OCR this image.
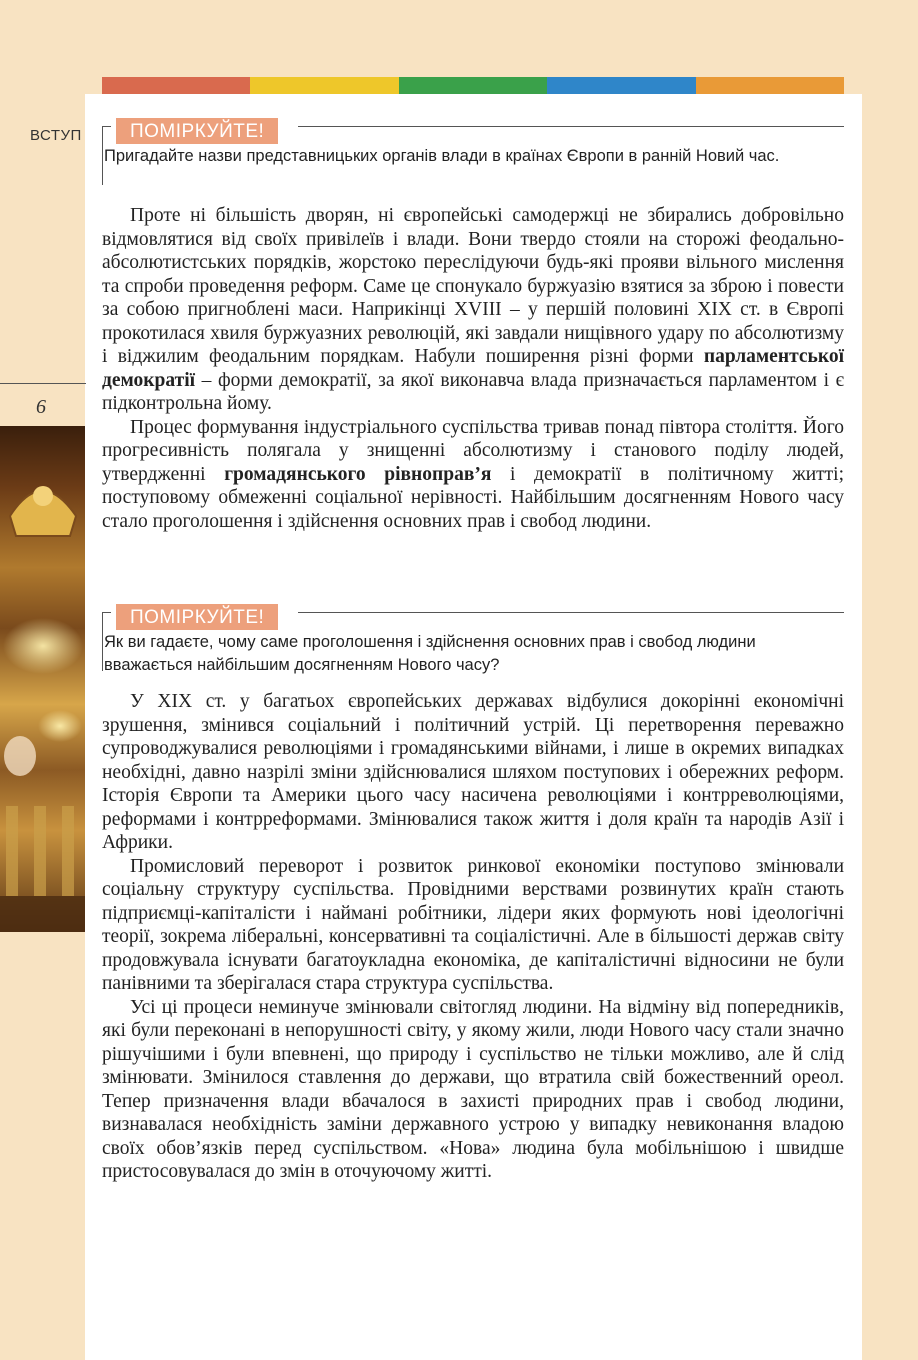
ВСТУП
6
ПОМІРКУЙТЕ!
Пригадайте назви представницьких органів влади в країнах Європи в ранній Новий час.

Проте ні більшість дворян, ні європейські самодержці не збирались добровільно відмовлятися від своїх привілеїв і влади. Вони твердо стояли на сторожі феодально-абсолютистських порядків, жорстоко переслідуючи будь-які прояви вільного мислення та спроби проведення реформ. Саме це спонукало буржуазію взятися за зброю і повести за собою пригноблені маси. Наприкінці XVIII – у першій половині XIX ст. в Європі прокотилася хвиля буржуазних революцій, які завдали нищівного удару по абсолютизму і віджилим феодальним порядкам. Набули поширення різні форми парламентської демократії – форми демократії, за якої виконавча влада призначається парламентом і є підконтрольна йому.

Процес формування індустріального суспільства тривав понад півтора століття. Його прогресивність полягала у знищенні абсолютизму і станового поділу людей, утвердженні громадянського рівноправ’я і демократії в політичному житті; поступовому обмеженні соціальної нерівності. Найбільшим досягненням Нового часу стало проголошення і здійснення основних прав і свобод людини.

ПОМІРКУЙТЕ!
Як ви гадаєте, чому саме проголошення і здійснення основних прав і свобод людини вважається найбільшим досягненням Нового часу?

У XIX ст. у багатьох європейських державах відбулися докорінні економічні зрушення, змінився соціальний і політичний устрій. Ці перетворення переважно супроводжувалися революціями і громадянськими війнами, і лише в окремих випадках необхідні, давно назрілі зміни здійснювалися шляхом поступових і обережних реформ. Історія Європи та Америки цього часу насичена революціями і контрреволюціями, реформами і контрреформами. Змінювалися також життя і доля країн та народів Азії і Африки.

Промисловий переворот і розвиток ринкової економіки поступово змінювали соціальну структуру суспільства. Провідними верствами розвинутих країн стають підприємці-капіталісти і наймані робітники, лідери яких формують нові ідеологічні теорії, зокрема ліберальні, консервативні та соціалістичні. Але в більшості держав світу продовжувала існувати багатоукладна економіка, де капіталістичні відносини не були панівними та зберігалася стара структура суспільства.

Усі ці процеси неминуче змінювали світогляд людини. На відміну від попередників, які були переконані в непорушності світу, у якому жили, люди Нового часу стали значно рішучішими і були впевнені, що природу і суспільство не тільки можливо, але й слід змінювати. Змінилося ставлення до держави, що втратила свій божественний ореол. Тепер призначення влади вбачалося в захисті природних прав і свобод людини, визнавалася необхідність заміни державного устрою у випадку невиконання владою своїх обов’язків перед суспільством. «Нова» людина була мобільнішою і швидше пристосовувалася до змін в оточуючому житті.
